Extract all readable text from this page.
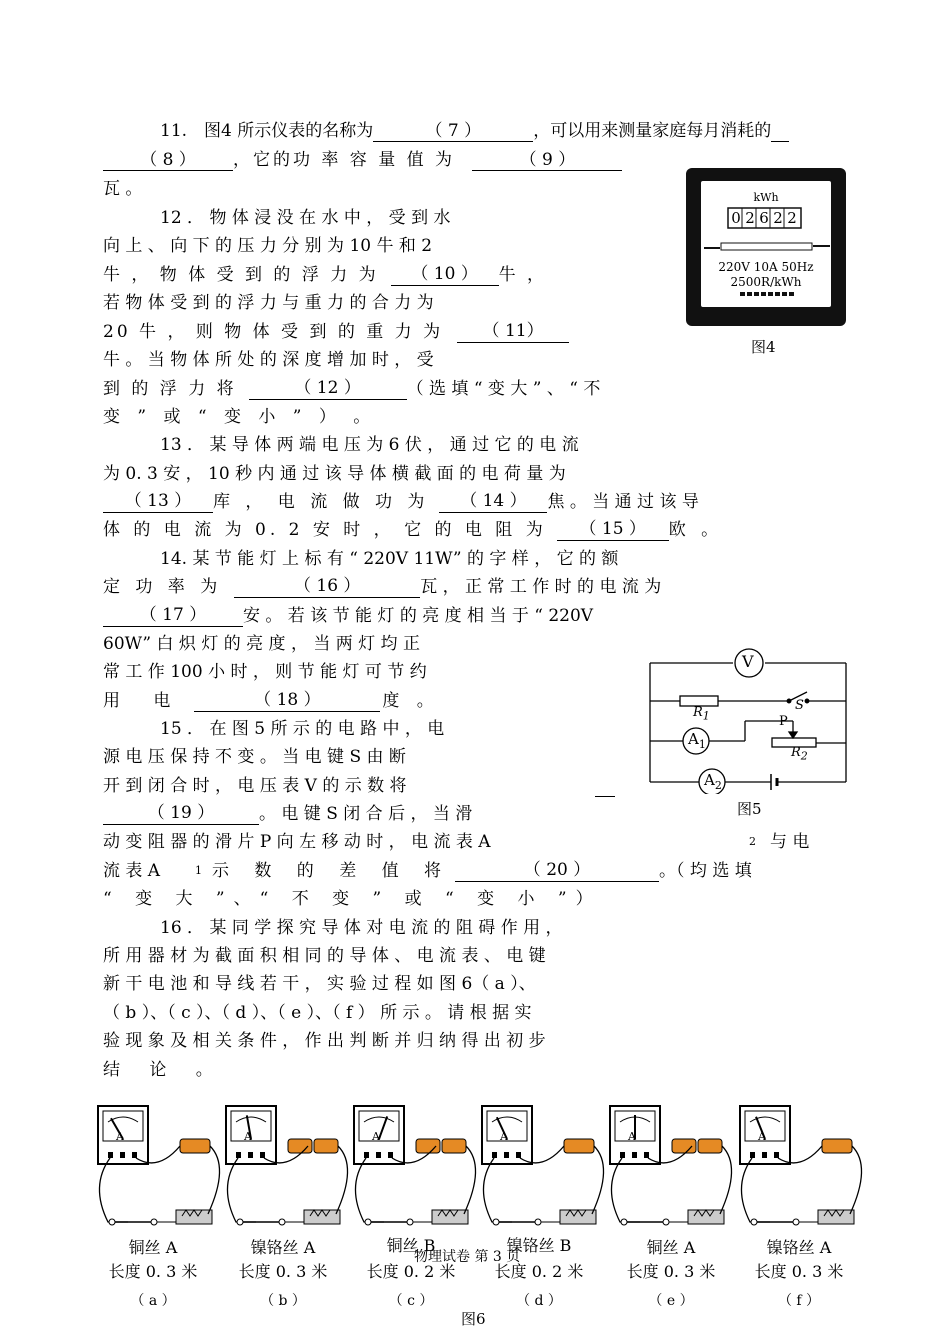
11.　图4 所示仪表的名称为	（ 7 ）	，可以用来测量家庭每月消耗的
（ 8 ） ，它的功 率 容 量 值 为	（ 9 ）
瓦 。	kWh
0 2 6 2 2
220V 10A 50Hz
2500R/kWh
图4
12 ． 物 体 浸 没 在 水 中 ， 受 到 水
向 上 、 向 下 的 压 力 分 别 为 10 牛 和 2
牛 ， 物 体 受 到 的 浮 力 为	（ 10 ）	牛 ，
若 物 体 受 到 的 浮 力 与 重 力 的 合 力 为
20 牛 ， 则 物 体 受 到 的 重 力 为	（ 11）
牛 。 当 物 体 所 处 的 深 度 增 加 时 ， 受
到 的 浮 力 将	（ 12 ）	（ 选 填 “ 变 大 ” 、 “ 不
变 ” 或 “ 变 小 ” ） 。
13 ． 某 导 体 两 端 电 压 为 6 伏 ， 通 过 它 的 电 流
为 0. 3 安 ， 10 秒 内 通 过 该 导 体 横 截 面 的 电 荷 量 为
（ 13 ）	库 ， 电 流 做 功 为	（ 14 ）	焦 。 当 通 过 该 导
体 的 电 流 为 0. 2 安 时 ， 它 的 电 阻 为	（ 15 ）	欧 。
14. 某 节 能 灯 上 标 有 “ 220V 11W” 的 字 样 ， 它 的 额
定 功 率 为	（ 16 ）	瓦 ， 正 常 工 作 时 的 电 流 为
（ 17 ）	安 。 若 该 节 能 灯 的 亮 度 相 当 于 “ 220V
60W” 白 炽 灯 的 亮 度 ， 当 两 灯 均 正
常 工 作 100 小 时 ， 则 节 能 灯 可 节 约
用 电	（ 18 ）	度 。
V
$R_1$
S
$A_1$
P
$R_2$
$A_2$
图5
15 ． 在 图 5 所 示 的 电 路 中 ， 电
源 电 压 保 持 不 变 。 当 电 键 S 由 断
开 到 闭 合 时 ， 电 压 表 V 的 示 数 将
（ 19 ）	。 电 键 S 闭 合 后 ， 当 滑
动 变 阻 器 的 滑 片 P 向 左 移 动 时 ， 电 流 表 A	2 与 电
流 表 A	1 示 数 的 差 值 将	（ 20 ）	。（ 均 选 填
“ 变 大 ”、“ 不 变 ” 或 “ 变 小 ”）
16 ． 某 同 学 探 究 导 体 对 电 流 的 阻 碍 作 用 ，
所 用 器 材 为 截 面 积 相 同 的 导 体 、 电 流 表 、 电 键
新 干 电 池 和 导 线 若 干 ， 实 验 过 程 如 图 6（ a ）、
（ b ）、（ c ）、（ d ）、（ e ）、（ f ） 所 示 。 请 根 据 实
验 现 象 及 相 关 条 件 ， 作 出 判 断 并 归 纳 得 出 初 步
结 论 。
A	A	A	A	A	A
铜丝 A
长度 0. 3 米
（ a ）
镍铬丝 A
长度 0. 3 米
（ b ）
铜丝 B
长度 0. 2 米
（ c ）
镍铬丝 B
长度 0. 2 米
（ d ）
铜丝 A
长度 0. 3 米
（ e ）
镍铬丝 A
长度 0. 3 米
（ f ）
图6
物理试卷 第 3 页
